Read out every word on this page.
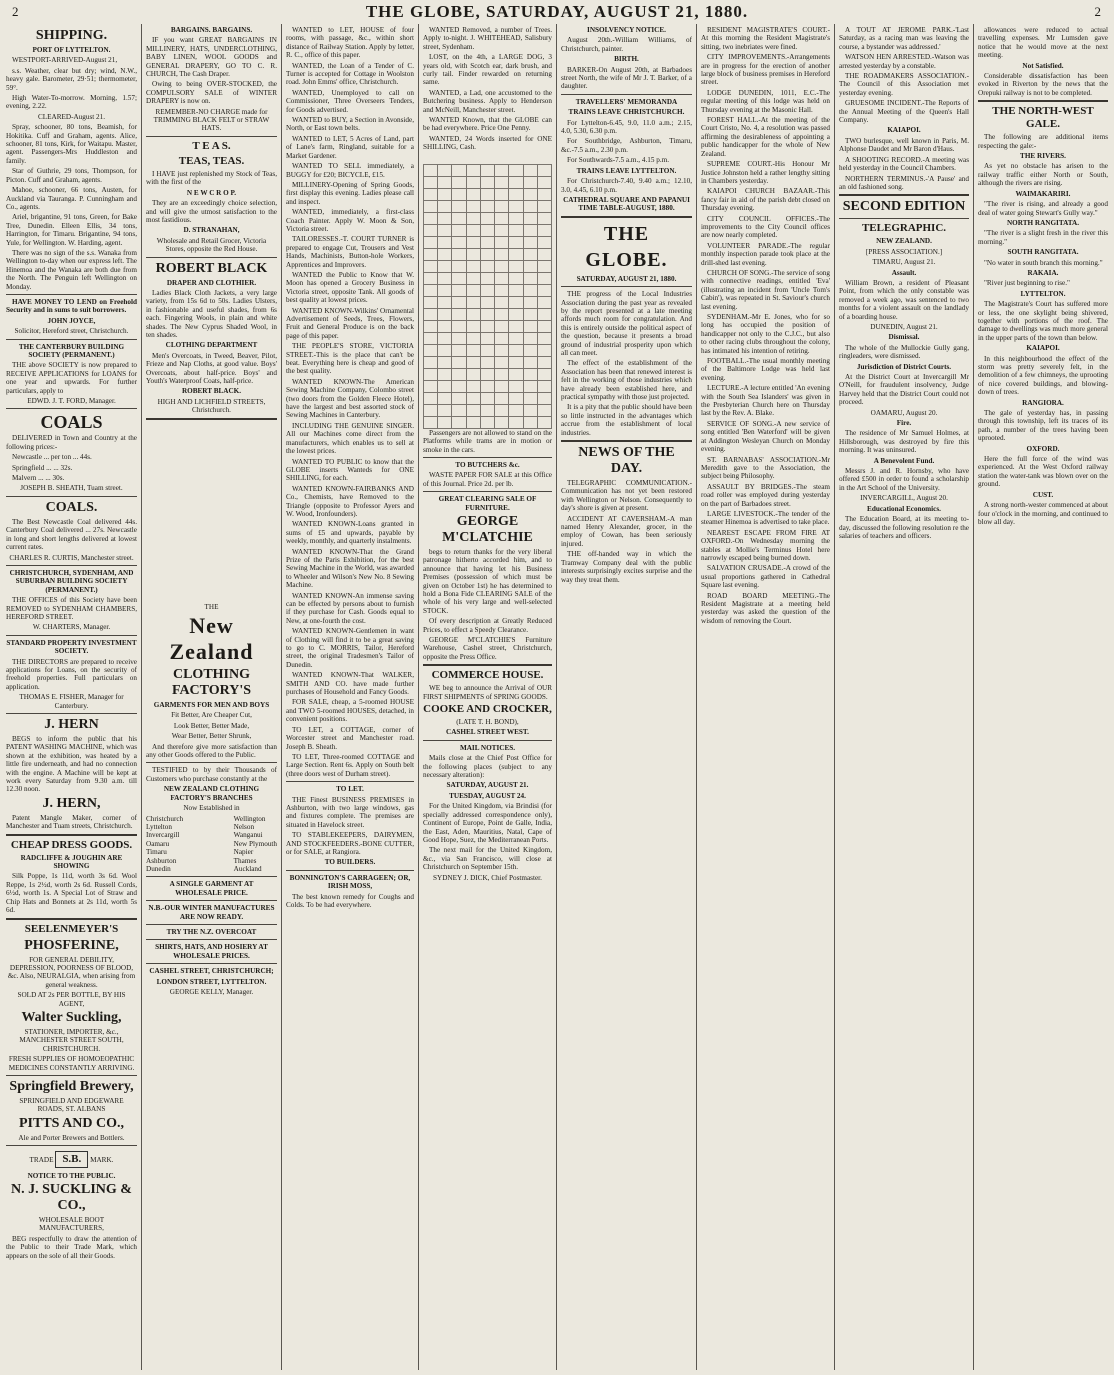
2	THE GLOBE, SATURDAY, AUGUST 21, 1880.	2
SHIPPING.

PORT OF LYTTELTON.

WESTPORT-ARRIVED-August 21,

s.s. Weather, clear but dry; wind, N.W., heavy gale. Barometer, 29·51; thermometer, 59°.

High Water-To-morrow. Morning, 1.57; evening, 2.22.

CLEARED-August 21.

Spray, schooner, 80 tons, Beamish, for Hokitika. Cuff and Graham, agents. Alice, schooner, 81 tons, Kirk, for Waitapu. Master, agent. Passengers-Mrs Huddleston and family.

Star of Guthrie, 29 tons, Thompson, for Picton. Cuff and Graham, agents.

Mahoe, schooner, 66 tons, Austen, for Auckland via Tauranga. P. Cunningham and Co., agents.

Ariel, brigantine, 91 tons, Green, for Bake Tree, Dunedin. Elleen Ellis, 34 tons, Harrington, for Timaru. Brigantine, 94 tons, Yule, for Wellington. W. Harding, agent.

There was no sign of the s.s. Wanaka from Wellington to-day when our express left. The Hinemoa and the Wanaka are both due from the North. The Penguin left Wellington on Monday.

HAVE MONEY TO LEND on Freehold Security and in sums to suit borrowers.

JOHN JOYCE,

Solicitor, Hereford street, Christchurch.

THE CANTERBURY BUILDING SOCIETY (PERMANENT.)

THE above SOCIETY is now prepared to RECEIVE APPLICATIONS for LOANS for one year and upwards. For further particulars, apply to

EDWD. J. T. FORD, Manager.

COALS

DELIVERED in Town and Country at the following prices:-

Newcastle ... per ton ... 44s.

Springfield ... ... 32s.

Malvern ... ... 30s.

JOSEPH B. SHEATH, Tuam street.

COALS.

The Best Newcastle Coal delivered 44s. Canterbury Coal delivered ... 27s. Newcastle in long and short lengths delivered at lowest current rates.

CHARLES R. CURTIS, Manchester street.

CHRISTCHURCH, SYDENHAM, AND SUBURBAN BUILDING SOCIETY (PERMANENT.)

THE OFFICES of this Society have been REMOVED to SYDENHAM CHAMBERS, HEREFORD STREET.

W. CHARTERS, Manager.

STANDARD PROPERTY INVESTMENT SOCIETY.

THE DIRECTORS are prepared to receive applications for Loans, on the security of freehold properties. Full particulars on application.

THOMAS E. FISHER, Manager for Canterbury.

J. HERN

BEGS to inform the public that his PATENT WASHING MACHINE, which was shown at the exhibition, was heated by a little fire underneath, and had no connection with the engine. A Machine will be kept at work every Saturday from 9.30 a.m. till 12.30 noon.

J. HERN,

Patent Mangle Maker, corner of Manchester and Tuam streets, Christchurch.

CHEAP DRESS GOODS.

RADCLIFFE & JOUGHIN ARE SHOWING

Silk Poppe, 1s 11d, worth 3s 6d. Wool Reppe, 1s 2½d, worth 2s 6d. Russell Cords, 6½d, worth 1s. A Special Lot of Straw and Chip Hats and Bonnets at 2s 11d, worth 5s 6d.

SEELENMEYER'S
PHOSFERINE,

FOR GENERAL DEBILITY, DEPRESSION, POORNESS OF BLOOD, &c. Also, NEURALGIA, when arising from general weakness.

SOLD AT 2s PER BOTTLE, BY HIS AGENT,

Walter Suckling,

STATIONER, IMPORTER, &c., MANCHESTER STREET SOUTH, CHRISTCHURCH.

FRESH SUPPLIES OF HOMOEOPATHIC MEDICINES CONSTANTLY ARRIVING.

Springfield Brewery,

SPRINGFIELD AND EDGEWARE ROADS, ST. ALBANS

PITTS AND CO.,

Ale and Porter Brewers and Bottlers.

TRADE S.B. MARK.

NOTICE TO THE PUBLIC.

N. J. SUCKLING & CO.,

WHOLESALE BOOT MANUFACTURERS,

BEG respectfully to draw the attention of the Public to their Trade Mark, which appears on the sole of all their Goods.

BARGAINS. BARGAINS.

IF you want GREAT BARGAINS IN MILLINERY, HATS, UNDERCLOTHING, BABY LINEN, WOOL GOODS and GENERAL DRAPERY, GO TO C. R. CHURCH, The Cash Draper.

Owing to being OVER-STOCKED, the COMPULSORY SALE of WINTER DRAPERY is now on.

REMEMBER-NO CHARGE made for TRIMMING BLACK FELT or STRAW HATS.

T E A S.
TEAS, TEAS.

I HAVE just replenished my Stock of Teas, with the first of the

N E W C R O P.

They are an exceedingly choice selection, and will give the utmost satisfaction to the most fastidious.

D. STRANAHAN,

Wholesale and Retail Grocer, Victoria Stores, opposite the Red House.

ROBERT BLACK

DRAPER AND CLOTHIER.

Ladies Black Cloth Jackets, a very large variety, from 15s 6d to 50s. Ladies Ulsters, in fashionable and useful shades, from 6s each. Fingering Wools, in plain and white shades. The New Cyprus Shaded Wool, in ten shades.

CLOTHING DEPARTMENT

Men's Overcoats, in Tweed, Beaver, Pilot, Frieze and Nap Cloths, at good value. Boys' Overcoats, about half-price. Boys' and Youth's Waterproof Coats, half-price.

ROBERT BLACK.

HIGH AND LICHFIELD STREETS, Christchurch.

THE

New Zealand
CLOTHING FACTORY'S

GARMENTS FOR MEN AND BOYS

Fit Better, Are Cheaper Cut,

Look Better, Better Made,

Wear Better, Better Shrunk,

And therefore give more satisfaction than any other Goods offered to the Public.

TESTIFIED to by their Thousands of Customers who purchase constantly at the

NEW ZEALAND CLOTHING FACTORY'S BRANCHES

Now Established in

Christchurch
Lyttelton
Invercargill
Oamaru
Timaru
Ashburton
Dunedin
Wellington
Nelson
Wanganui
New Plymouth
Napier
Thames
Auckland

A SINGLE GARMENT AT WHOLESALE PRICE.

N.B.-OUR WINTER MANUFACTURES ARE NOW READY.

TRY THE N.Z. OVERCOAT

SHIRTS, HATS, AND HOSIERY AT WHOLESALE PRICES.

CASHEL STREET, CHRISTCHURCH;

LONDON STREET, LYTTELTON.

GEORGE KELLY, Manager.

WANTED to LET, HOUSE of four rooms, with passage, &c., within short distance of Railway Station. Apply by letter, R. C., office of this paper.

WANTED, the Loan of a Tender of C. Turner is accepted for Cottage in Woolston road. John Emms' office, Christchurch.

WANTED, Unemployed to call on Commissioner, Three Overseers Tenders, for Goods advertised.

WANTED to BUY, a Section in Avonside, North, or East town belts.

WANTED to LET, 5 Acres of Land, part of Lane's farm, Ringland, suitable for a Market Gardener.

WANTED TO SELL immediately, a BUGGY for £20; BICYCLE, £15.

MILLINERY-Opening of Spring Goods, first display this evening. Ladies please call and inspect.

WANTED, immediately, a first-class Coach Painter. Apply W. Moon & Son, Victoria street.

TAILORESSES.-T. COURT TURNER is prepared to engage Cut, Trousers and Vest Hands, Machinists, Button-hole Workers, Apprentices and Improvers.

WANTED the Public to Know that W. Moon has opened a Grocery Business in Victoria street, opposite Tank. All goods of best quality at lowest prices.

WANTED KNOWN-Wilkins' Ornamental Advertisement of Seeds, Trees, Flowers, Fruit and General Produce is on the back page of this paper.

THE PEOPLE'S STORE, VICTORIA STREET.-This is the place that can't be beat. Everything here is cheap and good of the best quality.

WANTED KNOWN-The American Sewing Machine Company, Colombo street (two doors from the Golden Fleece Hotel), have the largest and best assorted stock of Sewing Machines in Canterbury.

INCLUDING THE GENUINE SINGER. All our Machines come direct from the manufacturers, which enables us to sell at the lowest prices.

WANTED TO PUBLIC to know that the GLOBE inserts Wanteds for ONE SHILLING, for each.

WANTED KNOWN-FAIRBANKS AND Co., Chemists, have Removed to the Triangle (opposite to Professor Ayers and W. Wood, Ironfounders).

WANTED KNOWN-Loans granted in sums of £5 and upwards, payable by weekly, monthly, and quarterly instalments.

WANTED KNOWN-That the Grand Prize of the Paris Exhibition, for the best Sewing Machine in the World, was awarded to Wheeler and Wilson's New No. 8 Sewing Machine.

WANTED KNOWN-An immense saving can be effected by persons about to furnish if they purchase for Cash. Goods equal to New, at one-fourth the cost.

WANTED KNOWN-Gentlemen in want of Clothing will find it to be a great saving to go to C. MORRIS, Tailor, Hereford street, the original Tradesmen's Tailor of Dunedin.

WANTED KNOWN-That WALKER, SMITH AND CO. have made further purchases of Household and Fancy Goods.

FOR SALE, cheap, a 5-roomed HOUSE and TWO 5-roomed HOUSES, detached, in convenient positions.

TO LET, a COTTAGE, corner of Worcester street and Manchester road. Joseph B. Sheath.

TO LET, Three-roomed COTTAGE and Large Section. Rent 6s. Apply on South belt (three doors west of Durham street).

TO LET.

THE Finest BUSINESS PREMISES in Ashburton, with two large windows, gas and fixtures complete. The premises are situated in Havelock street.

TO STABLEKEEPERS, DAIRYMEN, AND STOCKFEEDERS.-BONE CUTTER, or for SALE, at Rangiora.

TO BUILDERS.

BONNINGTON'S CARRAGEEN; OR, IRISH MOSS,

The best known remedy for Coughs and Colds. To be had everywhere.

WANTED Removed, a number of Trees. Apply to-night. J. WHITEHEAD, Salisbury street, Sydenham.

LOST, on the 4th, a LARGE DOG, 3 years old, with Scotch ear, dark brush, and curly tail. Finder rewarded on returning same.

WANTED, a Lad, one accustomed to the Butchering business. Apply to Henderson and McNeill, Manchester street.

WANTED Known, that the GLOBE can be had everywhere. Price One Penny.

WANTED, 24 Words inserted for ONE SHILLING, Cash.

Passengers are not allowed to stand on the Platforms while trams are in motion or smoke in the cars.

TO BUTCHERS &c.

WASTE PAPER FOR SALE at this Office of this Journal. Price 2d. per lb.

GREAT CLEARING SALE OF FURNITURE.

GEORGE M'CLATCHIE

begs to return thanks for the very liberal patronage hitherto accorded him, and to announce that having let his Business Premises (possession of which must be given on October 1st) he has determined to hold a Bona Fide CLEARING SALE of the whole of his very large and well-selected STOCK.

Of every description at Greatly Reduced Prices, to effect a Speedy Clearance.

GEORGE M'CLATCHIE'S Furniture Warehouse, Cashel street, Christchurch, opposite the Press Office.

COMMERCE HOUSE.

WE beg to announce the Arrival of OUR FIRST SHIPMENTS of SPRING GOODS.

COOKE AND CROCKER,

(LATE T. H. BOND),

CASHEL STREET WEST.

MAIL NOTICES.

Mails close at the Chief Post Office for the following places (subject to any necessary alteration):

SATURDAY, AUGUST 21.

TUESDAY, AUGUST 24.

For the United Kingdom, via Brindisi (for specially addressed correspondence only), Continent of Europe, Point de Galle, India, the East, Aden, Mauritius, Natal, Cape of Good Hope, Suez, the Mediterranean Ports.

The next mail for the United Kingdom, &c., via San Francisco, will close at Christchurch on September 15th.

SYDNEY J. DICK, Chief Postmaster.

INSOLVENCY NOTICE.

August 20th.-William Williams, of Christchurch, painter.

BIRTH.

BARKER-On August 20th, at Barbadoes street North, the wife of Mr J. T. Barker, of a daughter.

TRAVELLERS' MEMORANDA

TRAINS LEAVE CHRISTCHURCH.

For Lyttelton-6.45, 9.0, 11.0 a.m.; 2.15, 4.0, 5.30, 6.30 p.m.

For Southbridge, Ashburton, Timaru, &c.-7.5 a.m., 2.30 p.m.

For Southwards-7.5 a.m., 4.15 p.m.

TRAINS LEAVE LYTTELTON.

For Christchurch-7.40, 9.40 a.m.; 12.10, 3.0, 4.45, 6.10 p.m.

CATHEDRAL SQUARE AND PAPANUI TIME TABLE-AUGUST, 1880.

THE GLOBE.

SATURDAY, AUGUST 21, 1880.

THE progress of the Local Industries Association during the past year as revealed by the report presented at a late meeting affords much room for congratulation. And this is entirely outside the political aspect of the question, because it presents a broad ground of industrial prosperity upon which all can meet.

The effect of the establishment of the Association has been that renewed interest is felt in the working of those industries which have already been established here, and practical sympathy with those just projected.

It is a pity that the public should have been so little instructed in the advantages which accrue from the establishment of local industries.

NEWS OF THE DAY.

TELEGRAPHIC COMMUNICATION.-Communication has not yet been restored with Wellington or Nelson. Consequently to day's shore is given at present.

ACCIDENT AT CAVERSHAM.-A man named Henry Alexander, grocer, in the employ of Cowan, has been seriously injured.

THE off-handed way in which the Tramway Company deal with the public interests surprisingly excites surprise and the way they treat them.

RESIDENT MAGISTRATE'S COURT.-At this morning the Resident Magistrate's sitting, two inebriates were fined.

CITY IMPROVEMENTS.-Arrangements are in progress for the erection of another large block of business premises in Hereford street.

LODGE DUNEDIN, 1011, E.C.-The regular meeting of this lodge was held on Thursday evening at the Masonic Hall.

FOREST HALL.-At the meeting of the Court Cristo, No. 4, a resolution was passed affirming the desirableness of appointing a public handicapper for the whole of New Zealand.

SUPREME COURT.-His Honour Mr Justice Johnston held a rather lengthy sitting in Chambers yesterday.

KAIAPOI CHURCH BAZAAR.-This fancy fair in aid of the parish debt closed on Thursday evening.

CITY COUNCIL OFFICES.-The improvements to the City Council offices are now nearly completed.

VOLUNTEER PARADE.-The regular monthly inspection parade took place at the drill-shed last evening.

CHURCH OF SONG.-The service of song with connective readings, entitled 'Eva' (illustrating an incident from 'Uncle Tom's Cabin'), was repeated in St. Saviour's church last evening.

SYDENHAM.-Mr E. Jones, who for so long has occupied the position of handicapper not only to the C.J.C., but also to other racing clubs throughout the colony, has intimated his intention of retiring.

FOOTBALL.-The usual monthly meeting of the Baltimore Lodge was held last evening.

LECTURE.-A lecture entitled 'An evening with the South Sea Islanders' was given in the Presbyterian Church here on Thursday last by the Rev. A. Blake.

SERVICE OF SONG.-A new service of song entitled 'Ben Waterford' will be given at Addington Wesleyan Church on Monday evening.

ST. BARNABAS' ASSOCIATION.-Mr Meredith gave to the Association, the subject being Philosophy.

ASSAULT BY BRIDGES.-The steam road roller was employed during yesterday on the part of Barbadoes street.

LARGE LIVESTOCK.-The tender of the steamer Hinemoa is advertised to take place.

NEAREST ESCAPE FROM FIRE AT OXFORD.-On Wednesday morning the stables at Mollie's Terminus Hotel here narrowly escaped being burned down.

SALVATION CRUSADE.-A crowd of the usual proportions gathered in Cathedral Square last evening.

ROAD BOARD MEETING.-The Resident Magistrate at a meeting held yesterday was asked the question of the wisdom of removing the Court.

A TOUT AT JEROME PARK.-'Last Saturday, as a racing man was leaving the course, a bystander was addressed.'

WATSON HEN ARRESTED.-Watson was arrested yesterday by a constable.

THE ROADMAKERS ASSOCIATION.-The Council of this Association met yesterday evening.

GRUESOME INCIDENT.-The Reports of the Annual Meeting of the Queen's Hall Company.

KAIAPOI.

TWO burlesque, well known in Paris, M. Alphonse Daudet and Mr Baron d'Haus.

A SHOOTING RECORD.-A meeting was held yesterday in the Council Chambers.

NORTHERN TERMINUS.-'A Pause' and an old fashioned song.

SECOND EDITION
TELEGRAPHIC.

NEW ZEALAND.

[PRESS ASSOCIATION.]

TIMARU, August 21.

Assault.

William Brown, a resident of Pleasant Point, from which the only constable was removed a week ago, was sentenced to two months for a violent assault on the landlady of a boarding house.

DUNEDIN, August 21.

Dismissal.

The whole of the Mullockie Gully gang, ringleaders, were dismissed.

Jurisdiction of District Courts.

At the District Court at Invercargill Mr O'Neill, for fraudulent insolvency, Judge Harvey held that the District Court could not proceed.

OAMARU, August 20.

Fire.

The residence of Mr Samuel Holmes, at Hillsborough, was destroyed by fire this morning. It was uninsured.

A Benevolent Fund.

Messrs J. and R. Hornsby, who have offered £500 in order to found a scholarship in the Art School of the University.

INVERCARGILL, August 20.

Educational Economics.

The Education Board, at its meeting to-day, discussed the following resolution re the salaries of teachers and officers.

allowances were reduced to actual travelling expenses. Mr Lumsden gave notice that he would move at the next meeting.

Not Satisfied.

Considerable dissatisfaction has been evoked in Riverton by the news that the Orepuki railway is not to be completed.

THE NORTH-WEST GALE.

The following are additional items respecting the gale:-

THE RIVERS.

As yet no obstacle has arisen to the railway traffic either North or South, although the rivers are rising.

WAIMAKARIRI.

"The river is rising, and already a good deal of water going Stewart's Gully way."

NORTH RANGITATA.

"The river is a slight fresh in the river this morning."

SOUTH RANGITATA.

"No water in south branch this morning."

RAKAIA.

"River just beginning to rise."

LYTTELTON.

The Magistrate's Court has suffered more or less, the one skylight being shivered, together with portions of the roof. The damage to dwellings was much more general in the upper parts of the town than below.

KAIAPOI.

In this neighbourhood the effect of the storm was pretty severely felt, in the demolition of a few chimneys, the uprooting of nice covered buildings, and blowing-down of trees.

RANGIORA.

The gale of yesterday has, in passing through this township, left its traces of its path, a number of the trees having been uprooted.

OXFORD.

Here the full force of the wind was experienced. At the West Oxford railway station the water-tank was blown over on the ground.

CUST.

A strong north-wester commenced at about four o'clock in the morning, and continued to blow all day.
